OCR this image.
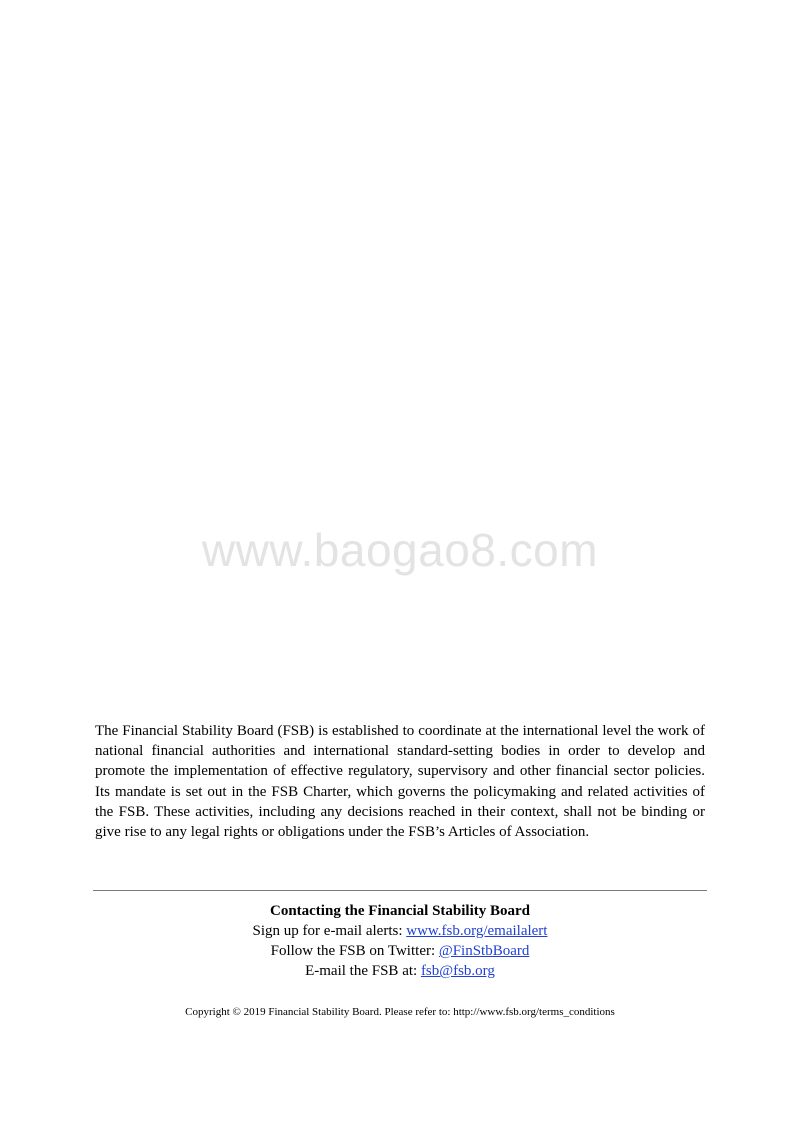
www.baogao8.com

The Financial Stability Board (FSB) is established to coordinate at the international level the work of national financial authorities and international standard-setting bodies in order to develop and promote the implementation of effective regulatory, supervisory and other financial sector policies. Its mandate is set out in the FSB Charter, which governs the policymaking and related activities of the FSB. These activities, including any decisions reached in their context, shall not be binding or give rise to any legal rights or obligations under the FSB’s Articles of Association.

Contacting the Financial Stability Board
Sign up for e-mail alerts: www.fsb.org/emailalert
Follow the FSB on Twitter: @FinStbBoard
E-mail the FSB at: fsb@fsb.org
Copyright © 2019 Financial Stability Board. Please refer to: http://www.fsb.org/terms_conditions
